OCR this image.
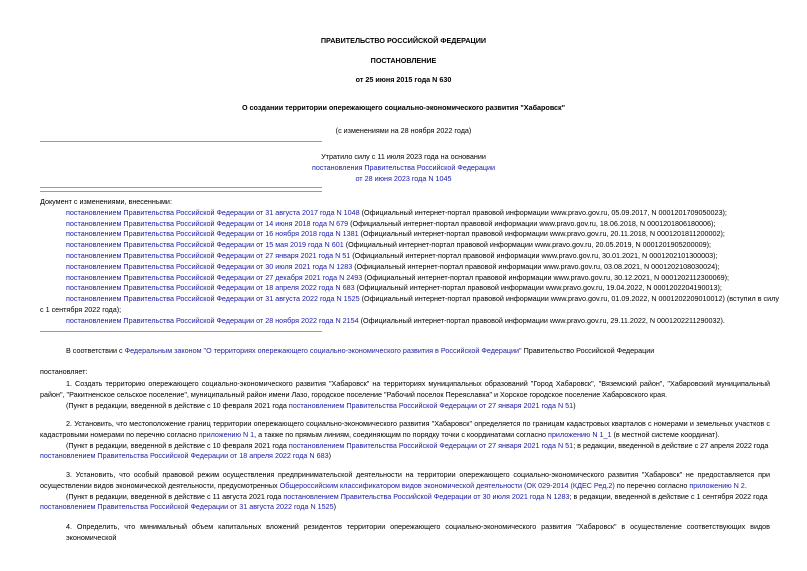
ПРАВИТЕЛЬСТВО РОССИЙСКОЙ ФЕДЕРАЦИИ
ПОСТАНОВЛЕНИЕ
от 25 июня 2015 года N 630
О создании территории опережающего социально-экономического развития "Хабаровск"
(с изменениями на 28 ноября 2022 года)
Утратило силу с 11 июля 2023 года на основании
постановления Правительства Российской Федерации
от 28 июня 2023 года N 1045
Документ с изменениями, внесенными:
постановлением Правительства Российской Федерации от 31 августа 2017 года N 1048 (Официальный интернет-портал правовой информации www.pravo.gov.ru, 05.09.2017, N 0001201709050023);
постановлением Правительства Российской Федерации от 14 июня 2018 года N 679 (Официальный интернет-портал правовой информации www.pravo.gov.ru, 18.06.2018, N 0001201806180006);
постановлением Правительства Российской Федерации от 16 ноября 2018 года N 1381 (Официальный интернет-портал правовой информации www.pravo.gov.ru, 20.11.2018, N 0001201811200002);
постановлением Правительства Российской Федерации от 15 мая 2019 года N 601 (Официальный интернет-портал правовой информации www.pravo.gov.ru, 20.05.2019, N 0001201905200009);
постановлением Правительства Российской Федерации от 27 января 2021 года N 51 (Официальный интернет-портал правовой информации www.pravo.gov.ru, 30.01.2021, N 0001202101300003);
постановлением Правительства Российской Федерации от 30 июля 2021 года N 1283 (Официальный интернет-портал правовой информации www.pravo.gov.ru, 03.08.2021, N 0001202108030024);
постановлением Правительства Российской Федерации от 27 декабря 2021 года N 2493 (Официальный интернет-портал правовой информации www.pravo.gov.ru, 30.12.2021, N 0001202112300069);
постановлением Правительства Российской Федерации от 18 апреля 2022 года N 683 (Официальный интернет-портал правовой информации www.pravo.gov.ru, 19.04.2022, N 0001202204190013);
постановлением Правительства Российской Федерации от 31 августа 2022 года N 1525 (Официальный интернет-портал правовой информации www.pravo.gov.ru, 01.09.2022, N 0001202209010012) (вступил в силу
с 1 сентября 2022 года);
постановлением Правительства Российской Федерации от 28 ноября 2022 года N 2154 (Официальный интернет-портал правовой информации www.pravo.gov.ru, 29.11.2022, N 0001202211290032).
В соответствии с Федеральным законом "О территориях опережающего социально-экономического развития в Российской Федерации" Правительство Российской Федерации
постановляет:
1. Создать территорию опережающего социально-экономического развития "Хабаровск" на территориях муниципальных образований "Город Хабаровск", "Вяземский район", "Хабаровский муниципальный
район", "Ракитненское сельское поселение", муниципальный район имени Лазо, городское поселение "Рабочий поселок Переяславка" и Хорское городское поселение Хабаровского края.
(Пункт в редакции, введенной в действие с 10 февраля 2021 года постановлением Правительства Российской Федерации от 27 января 2021 года N 51)
2. Установить, что местоположение границ территории опережающего социально-экономического развития "Хабаровск" определяется по границам кадастровых кварталов с номерами и земельных участков с
кадастровыми номерами по перечню согласно приложению N 1, а также по прямым линиям, соединяющим по порядку точки с координатами согласно приложению N 1_1 (в местной системе координат).
(Пункт в редакции, введенной в действие с 10 февраля 2021 года постановлением Правительства Российской Федерации от 27 января 2021 года N 51; в редакции, введенной в действие с 27 апреля 2022 года
постановлением Правительства Российской Федерации от 18 апреля 2022 года N 683)
3. Установить, что особый правовой режим осуществления предпринимательской деятельности на территории опережающего социально-экономического развития "Хабаровск" не предоставляется при
осуществлении видов экономической деятельности, предусмотренных Общероссийским классификатором видов экономической деятельности (ОК 029-2014 (КДЕС Ред.2) по перечню согласно приложению N 2.
(Пункт в редакции, введенной в действие с 11 августа 2021 года постановлением Правительства Российской Федерации от 30 июля 2021 года N 1283; в редакции, введенной в действие с 1 сентября 2022 года
постановлением Правительства Российской Федерации от 31 августа 2022 года N 1525)
4. Определить, что минимальный объем капитальных вложений резидентов территории опережающего социально-экономического развития "Хабаровск" в осуществление соответствующих видов экономической
